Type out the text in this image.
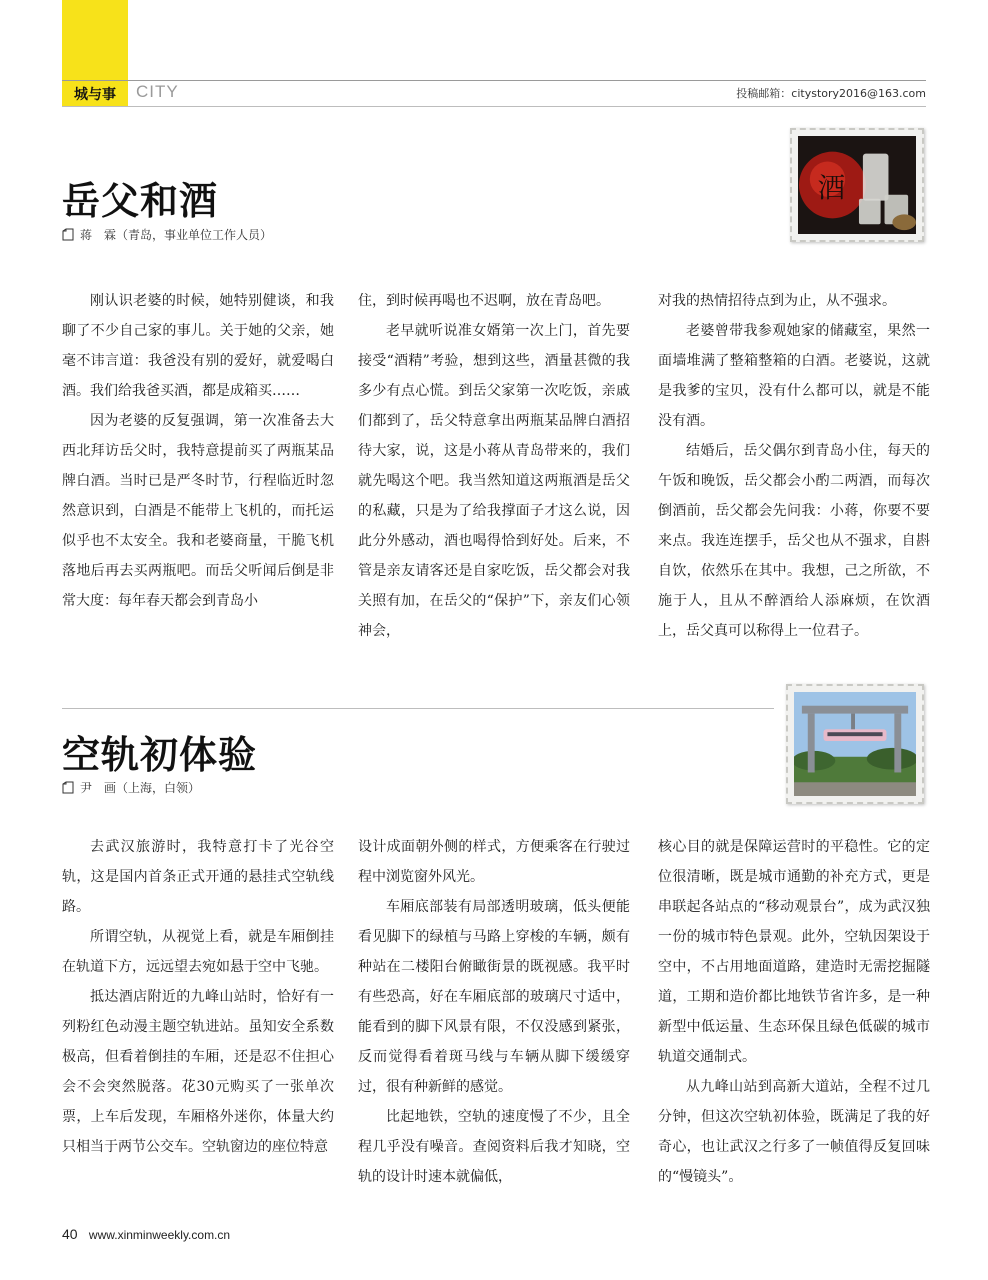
城与事	CITY	投稿邮箱：citystory2016@163.com
岳父和酒
蒋　霖（青岛，事业单位工作人员）
酒

刚认识老婆的时候，她特别健谈，和我聊了不少自己家的事儿。关于她的父亲，她毫不讳言道：我爸没有别的爱好，就爱喝白酒。我们给我爸买酒，都是成箱买……

因为老婆的反复强调，第一次准备去大西北拜访岳父时，我特意提前买了两瓶某品牌白酒。当时已是严冬时节，行程临近时忽然意识到，白酒是不能带上飞机的，而托运似乎也不太安全。我和老婆商量，干脆飞机落地后再去买两瓶吧。而岳父听闻后倒是非常大度：每年春天都会到青岛小

住，到时候再喝也不迟啊，放在青岛吧。

老早就听说准女婿第一次上门，首先要接受“酒精”考验，想到这些，酒量甚微的我多少有点心慌。到岳父家第一次吃饭，亲戚们都到了，岳父特意拿出两瓶某品牌白酒招待大家，说，这是小蒋从青岛带来的，我们就先喝这个吧。我当然知道这两瓶酒是岳父的私藏，只是为了给我撑面子才这么说，因此分外感动，酒也喝得恰到好处。后来，不管是亲友请客还是自家吃饭，岳父都会对我关照有加，在岳父的“保护”下，亲友们心领神会，

对我的热情招待点到为止，从不强求。

老婆曾带我参观她家的储藏室，果然一面墙堆满了整箱整箱的白酒。老婆说，这就是我爹的宝贝，没有什么都可以，就是不能没有酒。

结婚后，岳父偶尔到青岛小住，每天的午饭和晚饭，岳父都会小酌二两酒，而每次倒酒前，岳父都会先问我：小蒋，你要不要来点。我连连摆手，岳父也从不强求，自斟自饮，依然乐在其中。我想，己之所欲，不施于人，且从不醉酒给人添麻烦，在饮酒上，岳父真可以称得上一位君子。

空轨初体验
尹　画（上海，白领）

去武汉旅游时，我特意打卡了光谷空轨，这是国内首条正式开通的悬挂式空轨线路。

所谓空轨，从视觉上看，就是车厢倒挂在轨道下方，远远望去宛如悬于空中飞驰。

抵达酒店附近的九峰山站时，恰好有一列粉红色动漫主题空轨进站。虽知安全系数极高，但看着倒挂的车厢，还是忍不住担心会不会突然脱落。花30元购买了一张单次票，上车后发现，车厢格外迷你，体量大约只相当于两节公交车。空轨窗边的座位特意

设计成面朝外侧的样式，方便乘客在行驶过程中浏览窗外风光。

车厢底部装有局部透明玻璃，低头便能看见脚下的绿植与马路上穿梭的车辆，颇有种站在二楼阳台俯瞰街景的既视感。我平时有些恐高，好在车厢底部的玻璃尺寸适中，能看到的脚下风景有限，不仅没感到紧张，反而觉得看着斑马线与车辆从脚下缓缓穿过，很有种新鲜的感觉。

比起地铁，空轨的速度慢了不少，且全程几乎没有噪音。查阅资料后我才知晓，空轨的设计时速本就偏低，

核心目的就是保障运营时的平稳性。它的定位很清晰，既是城市通勤的补充方式，更是串联起各站点的“移动观景台”，成为武汉独一份的城市特色景观。此外，空轨因架设于空中，不占用地面道路，建造时无需挖掘隧道，工期和造价都比地铁节省许多，是一种新型中低运量、生态环保且绿色低碳的城市轨道交通制式。

从九峰山站到高新大道站，全程不过几分钟，但这次空轨初体验，既满足了我的好奇心，也让武汉之行多了一帧值得反复回味的“慢镜头”。

40 www.xinminweekly.com.cn
